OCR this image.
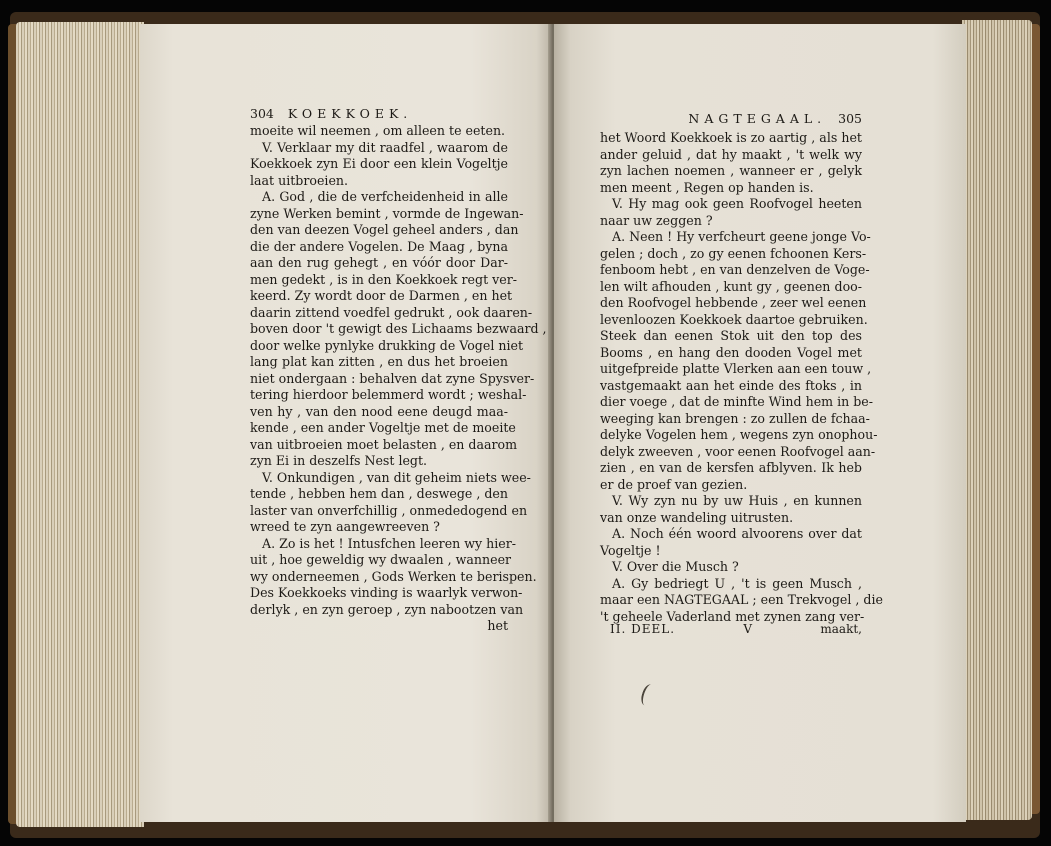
304 KOEKKOEK.
moeite wil neemen , om alleen te eeten.
V. Verklaar my dit raadfel , waarom de
Koekkoek zyn Ei door een klein Vogeltje
laat uitbroeien.
A. God , die de verfcheidenheid in alle
zyne Werken bemint , vormde de Ingewan-
den van deezen Vogel geheel anders , dan
die der andere Vogelen. De Maag , byna
aan den rug gehegt , en vóór door Dar-
men gedekt , is in den Koekkoek regt ver-
keerd. Zy wordt door de Darmen , en het
daarin zittend voedfel gedrukt , ook daaren-
boven door 't gewigt des Lichaams bezwaard ,
door welke pynlyke drukking de Vogel niet
lang plat kan zitten , en dus het broeien
niet ondergaan : behalven dat zyne Spysver-
tering hierdoor belemmerd wordt ; weshal-
ven hy , van den nood eene deugd maa-
kende , een ander Vogeltje met de moeite
van uitbroeien moet belasten , en daarom
zyn Ei in deszelfs Nest legt.
V. Onkundigen , van dit geheim niets wee-
tende , hebben hem dan , deswege , den
laster van onverfchillig , onmededogend en
wreed te zyn aangewreeven ?
A. Zo is het ! Intusfchen leeren wy hier-
uit , hoe geweldig wy dwaalen , wanneer
wy onderneemen , Gods Werken te berispen.
Des Koekkoeks vinding is waarlyk verwon-
derlyk , en zyn geroep , zyn nabootzen van
het
NAGTEGAAL. 305
het Woord Koekkoek is zo aartig , als het
ander geluid , dat hy maakt , 't welk wy
zyn lachen noemen , wanneer er , gelyk
men meent , Regen op handen is.
V. Hy mag ook geen Roofvogel heeten
naar uw zeggen ?
A. Neen ! Hy verfcheurt geene jonge Vo-
gelen ; doch , zo gy eenen fchoonen Kers-
fenboom hebt , en van denzelven de Voge-
len wilt afhouden , kunt gy , geenen doo-
den Roofvogel hebbende , zeer wel eenen
levenloozen Koekkoek daartoe gebruiken.
Steek dan eenen Stok uit den top des
Booms , en hang den dooden Vogel met
uitgefpreide platte Vlerken aan een touw ,
vastgemaakt aan het einde des ftoks , in
dier voege , dat de minfte Wind hem in be-
weeging kan brengen : zo zullen de fchaa-
delyke Vogelen hem , wegens zyn onophou-
delyk zweeven , voor eenen Roofvogel aan-
zien , en van de kersfen afblyven. Ik heb
er de proef van gezien.
V. Wy zyn nu by uw Huis , en kunnen
van onze wandeling uitrusten.
A. Noch één woord alvoorens over dat
Vogeltje !
V. Over die Musch ?
A. Gy bedriegt U , 't is geen Musch ,
maar een NAGTEGAAL ; een Trekvogel , die
't geheele Vaderland met zynen zang ver-
II. DEEL.	V	maakt,
